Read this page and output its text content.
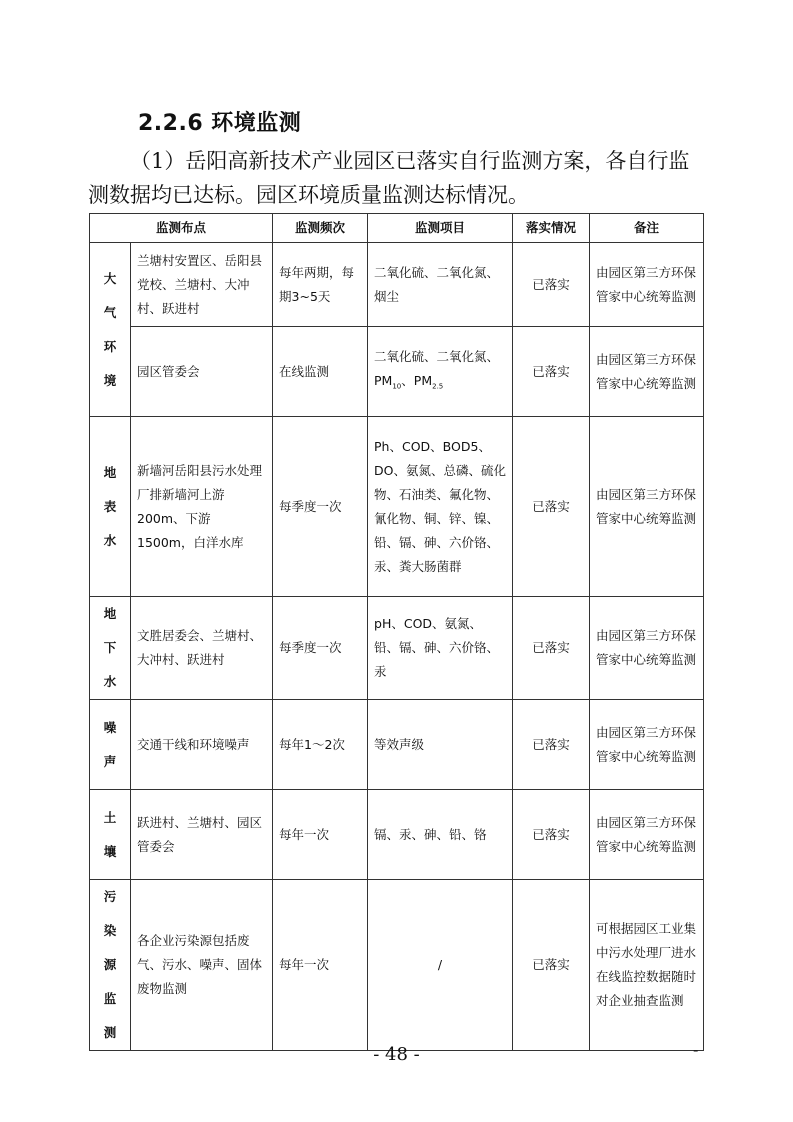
2.2.6 环境监测
（1）岳阳高新技术产业园区已落实自行监测方案，各自行监
测数据均已达标。园区环境质量监测达标情况。
监测布点		监测频次	监测项目	落实情况	备注

大气环境	兰塘村安置区、岳阳县党校、兰塘村、大冲村、跃进村	每年两期，每期3~5天	二氧化硫、二氧化氮、烟尘	已落实	由园区第三方环保管家中心统筹监测
	园区管委会	在线监测	二氧化硫、二氧化氮、$PM_{10}$、$PM_{2.5}$	已落实	由园区第三方环保管家中心统筹监测

地表水	新墙河岳阳县污水处理厂排新墙河上游200m、下游1500m，白洋水库	每季度一次	Ph、COD、BOD5、DO、氨氮、总磷、硫化物、石油类、氟化物、氰化物、铜、锌、镍、铅、镉、砷、六价铬、汞、粪大肠菌群	已落实	由园区第三方环保管家中心统筹监测

地下水	文胜居委会、兰塘村、大冲村、跃进村	每季度一次	pH、COD、氨氮、铅、镉、砷、六价铬、汞	已落实	由园区第三方环保管家中心统筹监测

噪声	交通干线和环境噪声	每年1～2次	等效声级	已落实	由园区第三方环保管家中心统筹监测

土壤	跃进村、兰塘村、园区管委会	每年一次	镉、汞、砷、铅、铬	已落实	由园区第三方环保管家中心统筹监测

污染源监测	各企业污染源包括废气、污水、噪声、固体废物监测	每年一次	/	已落实	可根据园区工业集中污水处理厂进水在线监控数据随时对企业抽查监测
- 48 -	-
